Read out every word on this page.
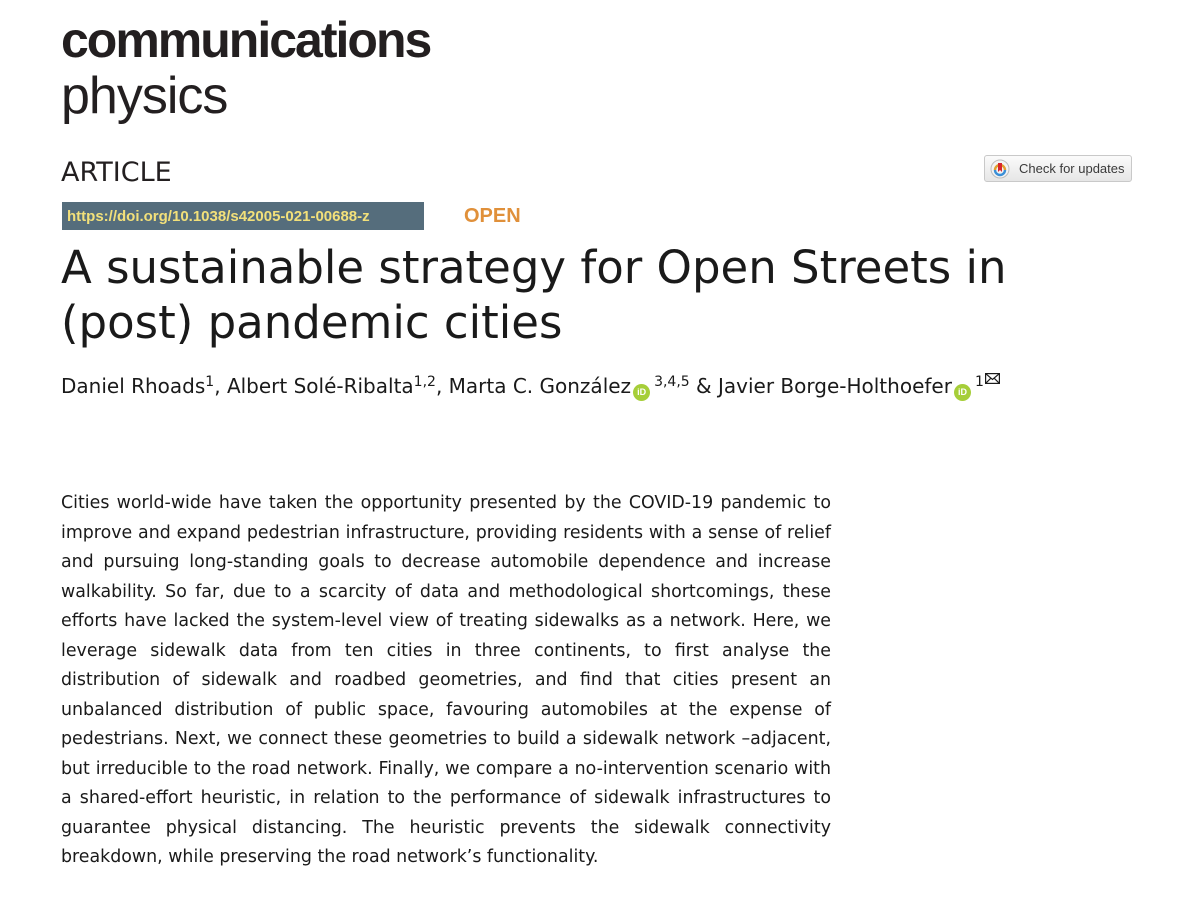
communications
physics
ARTICLE	Check for updates
https://doi.org/10.1038/s42005-021-00688-z	OPEN
A sustainable strategy for Open Streets in (post) pandemic cities
Daniel Rhoads$^1$, Albert Solé-Ribalta$^{1,2}$, Marta C. González iD$^{3,4,5}$ & Javier Borge-Holthoefer $iD^1$

Cities world-wide have taken the opportunity presented by the COVID-19 pandemic to improve and expand pedestrian infrastructure, providing residents with a sense of relief and pursuing long-standing goals to decrease automobile dependence and increase walkability. So far, due to a scarcity of data and methodological shortcomings, these efforts have lacked the system-level view of treating sidewalks as a network. Here, we leverage sidewalk data from ten cities in three continents, to first analyse the distribution of sidewalk and roadbed geometries, and find that cities present an unbalanced distribution of public space, favouring automobiles at the expense of pedestrians. Next, we connect these geometries to build a sidewalk network –adjacent, but irreducible to the road network. Finally, we compare a no-intervention scenario with a shared-effort heuristic, in relation to the performance of sidewalk infrastructures to guarantee physical distancing. The heuristic prevents the sidewalk connectivity breakdown, while preserving the road network’s functionality.
